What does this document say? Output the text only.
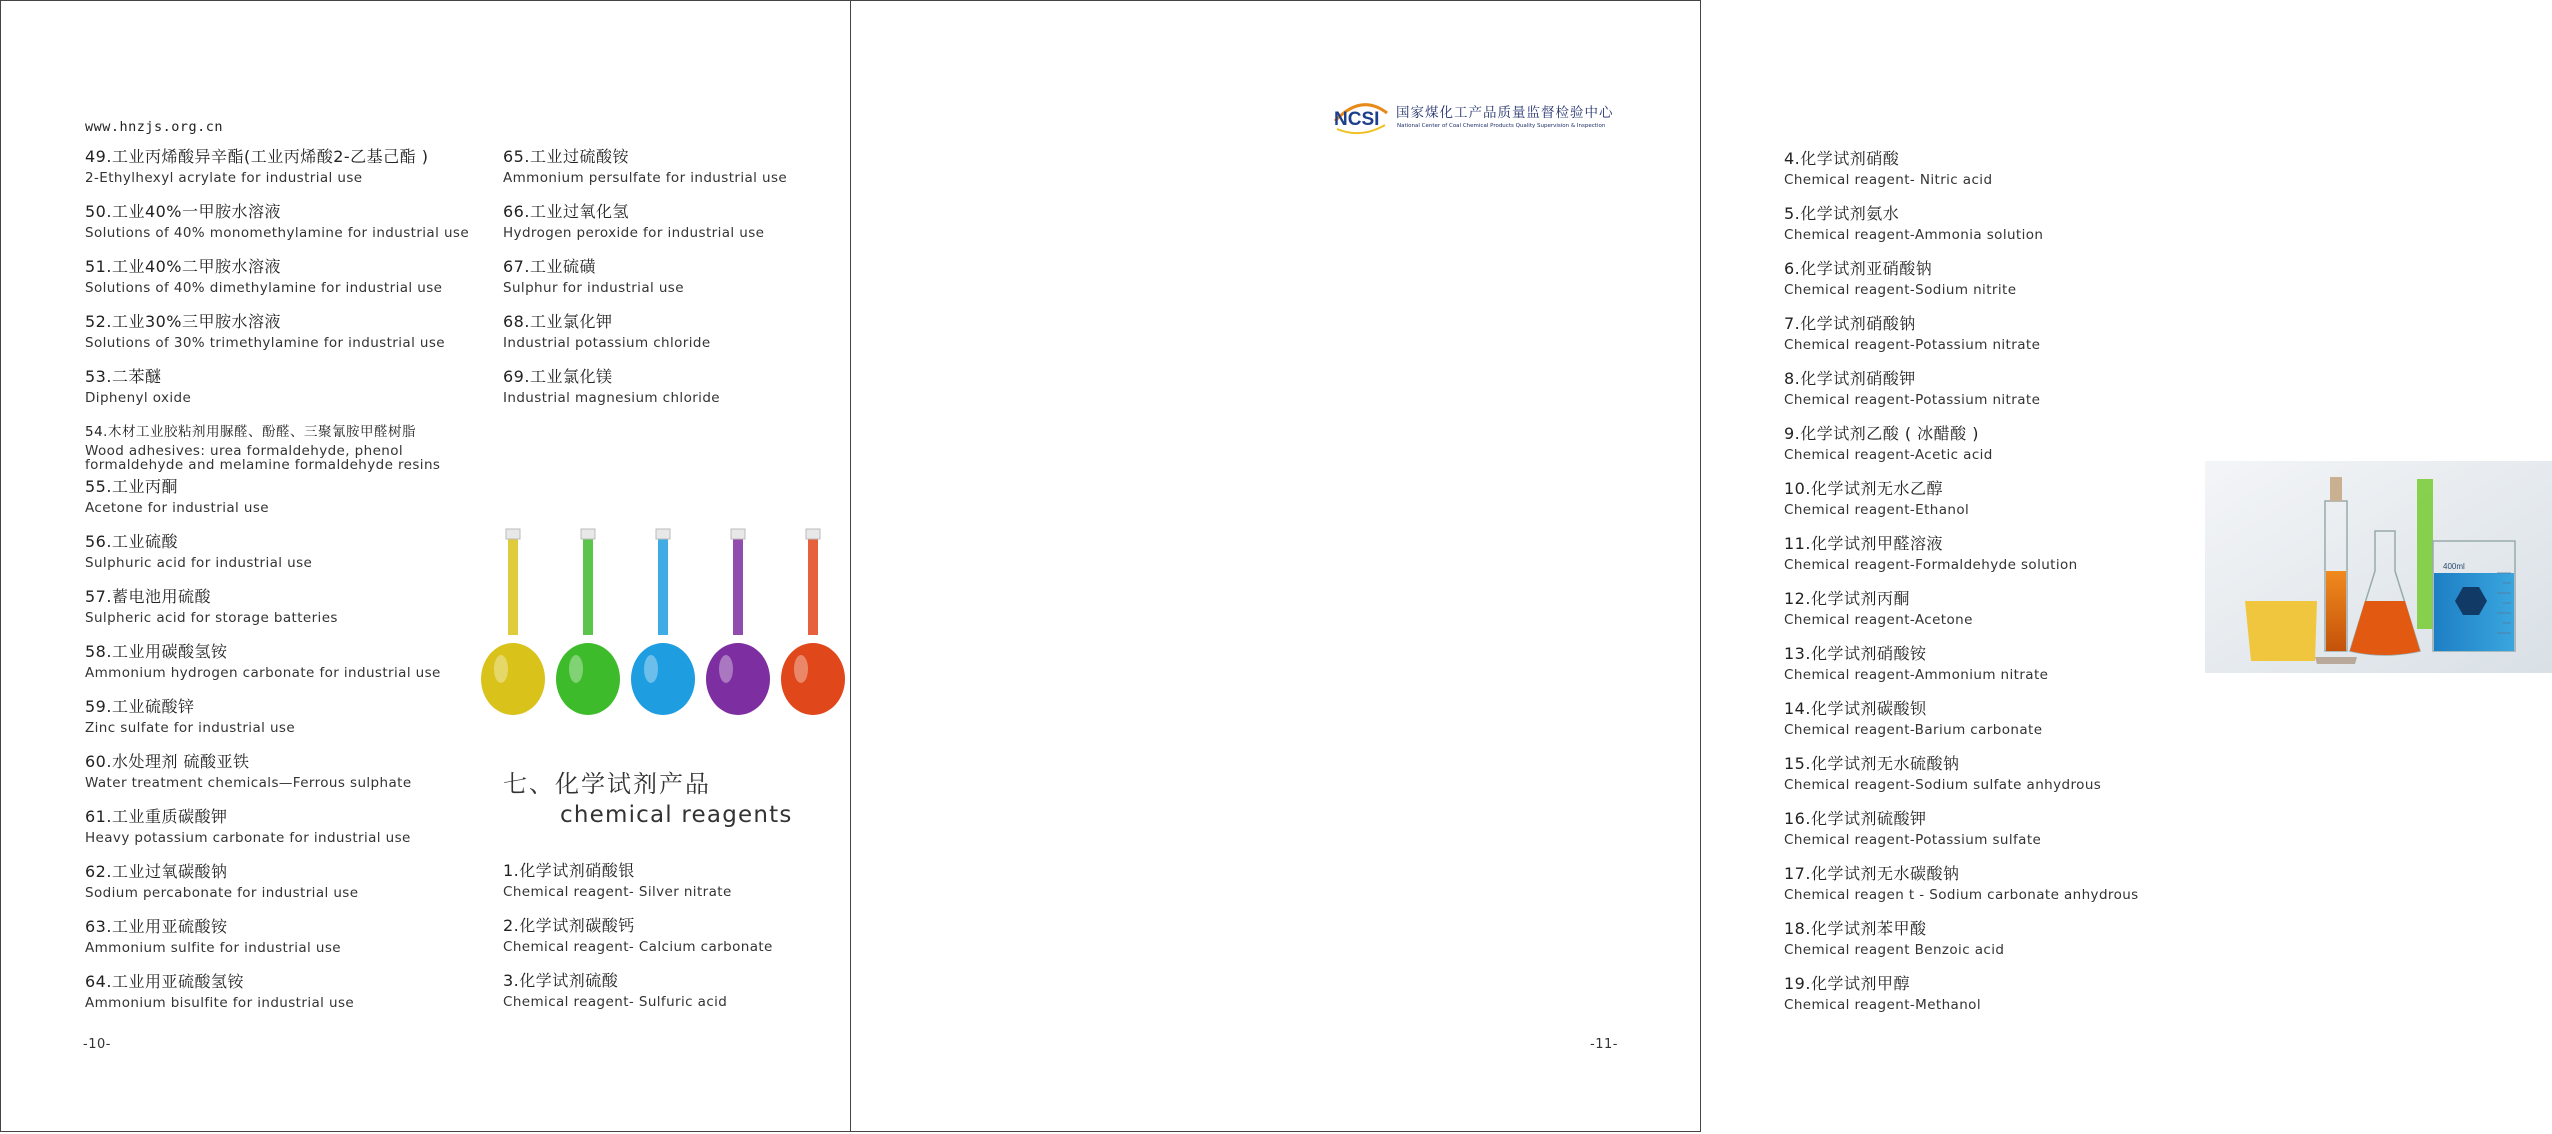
www.hnzjs.org.cn
49.工业丙烯酸异辛酯(工业丙烯酸2-乙基己酯 )
2-Ethylhexyl acrylate for industrial use
50.工业40%一甲胺水溶液
Solutions of 40% monomethylamine for industrial use
51.工业40%二甲胺水溶液
Solutions of 40% dimethylamine for industrial use
52.工业30%三甲胺水溶液
Solutions of 30% trimethylamine for industrial use
53.二苯醚
Diphenyl oxide
54.木材工业胶粘剂用脲醛、酚醛、三聚氰胺甲醛树脂
Wood adhesives: urea formaldehyde, phenol formaldehyde and melamine formaldehyde resins
55.工业丙酮
Acetone for industrial use
56.工业硫酸
Sulphuric acid for industrial use
57.蓄电池用硫酸
Sulpheric acid for storage batteries
58.工业用碳酸氢铵
Ammonium hydrogen carbonate for industrial use
59.工业硫酸锌
Zinc sulfate for industrial use
60.水处理剂 硫酸亚铁
Water treatment chemicals—Ferrous sulphate
61.工业重质碳酸钾
Heavy potassium carbonate for industrial use
62.工业过氧碳酸钠
Sodium percabonate for industrial use
63.工业用亚硫酸铵
Ammonium sulfite for industrial use
64.工业用亚硫酸氢铵
Ammonium bisulfite for industrial use
65.工业过硫酸铵
Ammonium persulfate for industrial use
66.工业过氧化氢
Hydrogen peroxide for industrial use
67.工业硫磺
Sulphur for industrial use
68.工业氯化钾
Industrial potassium chloride
69.工业氯化镁
Industrial magnesium chloride
七、化学试剂产品
chemical reagents
1.化学试剂硝酸银
Chemical reagent- Silver nitrate
2.化学试剂碳酸钙
Chemical reagent- Calcium carbonate
3.化学试剂硫酸
Chemical reagent- Sulfuric acid
-10-
NCSI 国家煤化工产品质量监督检验中心
National Center of Coal Chemical Products Quality Supervision & Inspection
4.化学试剂硝酸
Chemical reagent- Nitric acid
5.化学试剂氨水
Chemical reagent-Ammonia solution
6.化学试剂亚硝酸钠
Chemical reagent-Sodium nitrite
7.化学试剂硝酸钠
Chemical reagent-Potassium nitrate
8.化学试剂硝酸钾
Chemical reagent-Potassium nitrate
9.化学试剂乙酸 ( 冰醋酸 )
Chemical reagent-Acetic acid
10.化学试剂无水乙醇
Chemical reagent-Ethanol
11.化学试剂甲醛溶液
Chemical reagent-Formaldehyde solution
12.化学试剂丙酮
Chemical reagent-Acetone
13.化学试剂硝酸铵
Chemical reagent-Ammonium nitrate
14.化学试剂碳酸钡
Chemical reagent-Barium carbonate
15.化学试剂无水硫酸钠
Chemical reagent-Sodium sulfate anhydrous
16.化学试剂硫酸钾
Chemical reagent-Potassium sulfate
17.化学试剂无水碳酸钠
Chemical reagen t - Sodium carbonate anhydrous
18.化学试剂苯甲酸
Chemical reagent Benzoic acid
19.化学试剂甲醇
Chemical reagent-Methanol
400ml
-11-
